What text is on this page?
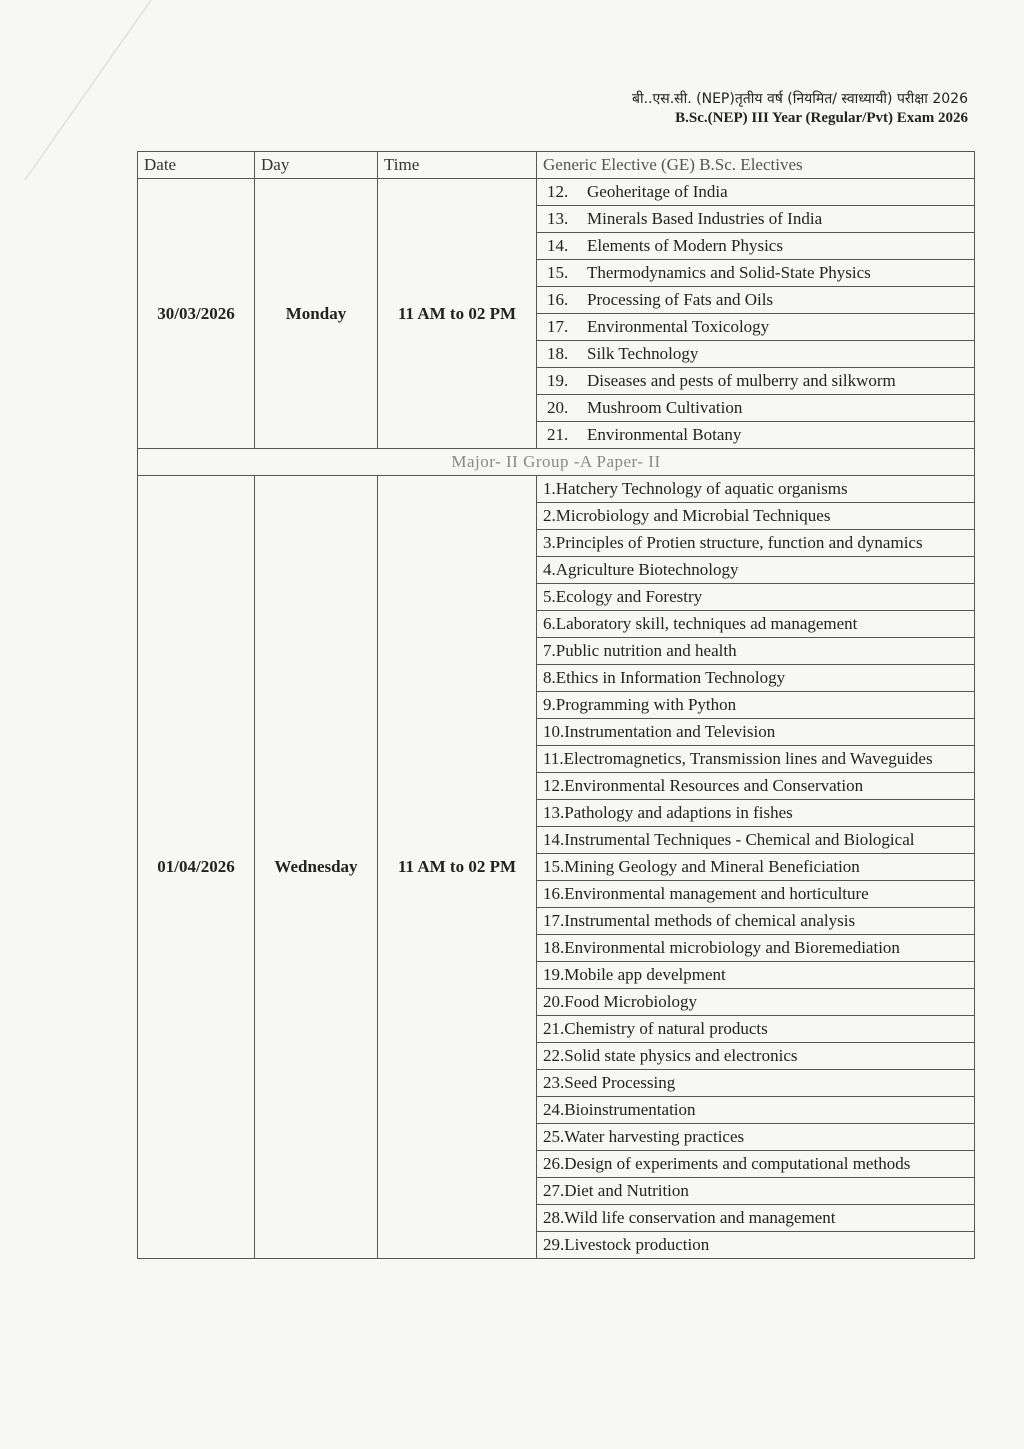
बी..एस.सी. (NEP)तृतीय वर्ष (नियमित/ स्वाध्यायी) परीक्षा 2026
B.Sc.(NEP) III Year (Regular/Pvt) Exam 2026
Date	Day	Time	Generic Elective (GE) B.Sc. Electives
30/03/2026	Monday	11 AM to 02 PM	12. Geoheritage of India
			13. Minerals Based Industries of India
			14. Elements of Modern Physics
			15. Thermodynamics and Solid-State Physics
			16. Processing of Fats and Oils
			17. Environmental Toxicology
			18. Silk Technology
			19. Diseases and pests of mulberry and silkworm
			20. Mushroom Cultivation
			21. Environmental Botany
Major- II Group -A Paper- II			
01/04/2026	Wednesday	11 AM to 02 PM	1.Hatchery Technology of aquatic organisms
			2.Microbiology and Microbial Techniques
			3.Principles of Protien structure, function and dynamics
			4.Agriculture Biotechnology
			5.Ecology and Forestry
			6.Laboratory skill, techniques ad management
			7.Public nutrition and health
			8.Ethics in Information Technology
			9.Programming with Python
			10.Instrumentation and Television
			11.Electromagnetics, Transmission lines and Waveguides
			12.Environmental Resources and Conservation
			13.Pathology and adaptions in fishes
			14.Instrumental Techniques - Chemical and Biological
			15.Mining Geology and Mineral Beneficiation
			16.Environmental management and horticulture
			17.Instrumental methods of chemical analysis
			18.Environmental microbiology and Bioremediation
			19.Mobile app develpment
			20.Food Microbiology
			21.Chemistry of natural products
			22.Solid state physics and electronics
			23.Seed Processing
			24.Bioinstrumentation
			25.Water harvesting practices
			26.Design of experiments and computational methods
			27.Diet and Nutrition
			28.Wild life conservation and management
			29.Livestock production
